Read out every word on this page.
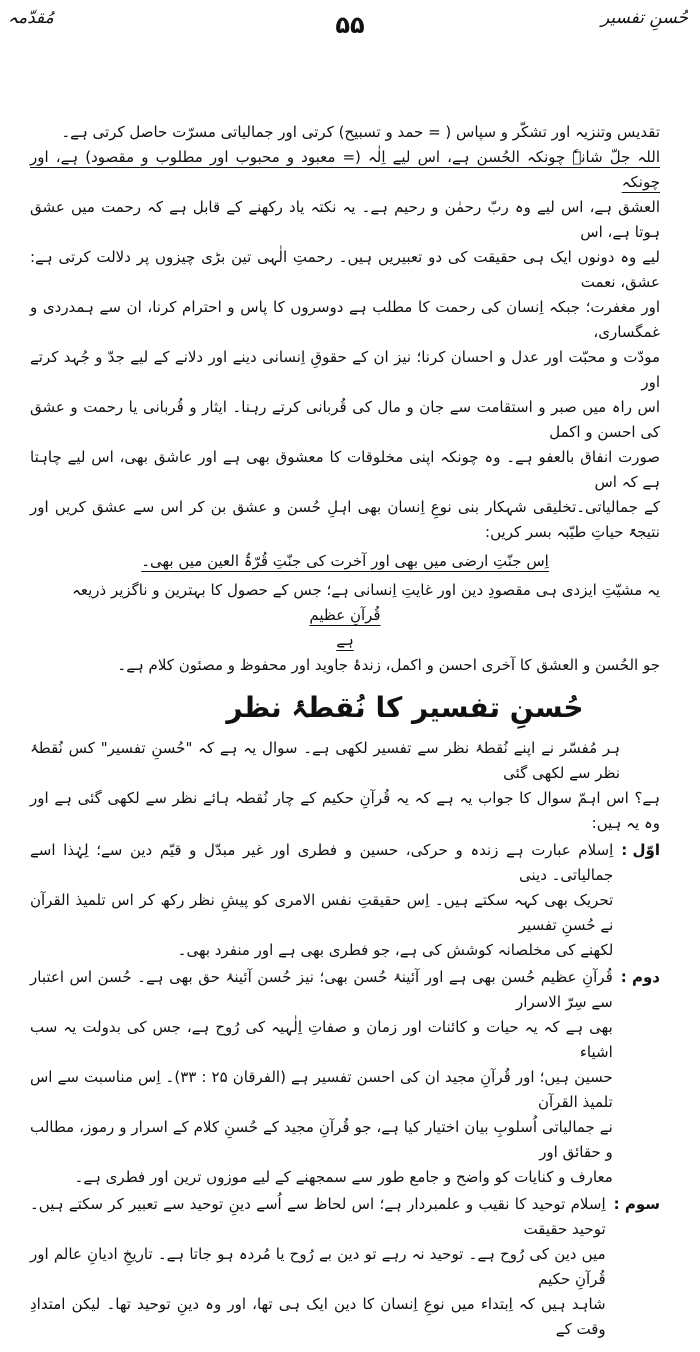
حُسنِ تفسیر
۵۵
مُقدّمہ
تقدیس وتنزیہ اور تشکّر و سپاس ( = حمد و تسبیح) کرتی اور جمالیاتی مسرّت حاصل کرتی ہے۔
اللہ جلّ شانہٗ چونکہ الحُسن ہے، اس لیے اِلٰہ (= معبود و محبوب اور مطلوب و مقصود) ہے، اور چونکہ
العشق ہے، اس لیے وہ ربّ رحمٰن و رحیم ہے۔ یہ نکتہ یاد رکھنے کے قابل ہے کہ رحمت میں عشق ہوتا ہے، اس
لیے وہ دونوں ایک ہی حقیقت کی دو تعبیریں ہیں۔ رحمتِ الٰہی تین بڑی چیزوں پر دلالت کرتی ہے: عشق، نعمت
اور مغفرت؛ جبکہ اِنسان کی رحمت کا مطلب ہے دوسروں کا پاس و احترام کرنا، ان سے ہمدردی و غمگساری،
مودّت و محبّت اور عدل و احسان کرنا؛ نیز ان کے حقوقِ اِنسانی دینے اور دلانے کے لیے جدّ و جُہد کرتے اور
اس راہ میں صبر و استقامت سے جان و مال کی قُربانی کرتے رہنا۔ ایثار و قُربانی یا رحمت و عشق کی احسن و اکمل
صورت انفاق بالعفو ہے۔ وہ چونکہ اپنی مخلوقات کا معشوق بھی ہے اور عاشق بھی، اس لیے چاہتا ہے کہ اس
کے جمالیاتی۔تخلیقی شہکار بنی نوعِ اِنسان بھی اہلِ حُسن و عشق بن کر اس سے عشق کریں اور نتیجۃً حیاتِ طیّبہ بسر کریں:
اِس جنّتِ ارضی میں بھی اور آخرت کی جنّتِ قُرّۃُ العین میں بھی۔
یہ مشیّتِ ایزدی ہی مقصودِ دین اور غایتِ اِنسانی ہے؛ جس کے حصول کا بہترین و ناگزیر ذریعہ
قُرآنِ عظیم
ہے
جو الحُسن و العشق کا آخری احسن و اکمل، زندۂ جاوید اور محفوظ و مصئون کلام ہے۔
حُسنِ تفسیر کا نُقطۂ نظر
ہر مُفسّر نے اپنے نُقطۂ نظر سے تفسیر لکھی ہے۔ سوال یہ ہے کہ "حُسنِ تفسیر" کس نُقطۂ نظر سے لکھی گئی
ہے؟ اس اہمّ سوال کا جواب یہ ہے کہ یہ قُرآنِ حکیم کے چار نُقطہ ہائے نظر سے لکھی گئی ہے اور وہ یہ ہیں:
اوّل :
اِسلام عبارت ہے زندہ و حرکی، حسین و فطری اور غیر مبدّل و قیّم دین سے؛ لِہٰذا اسے جمالیاتی۔ دینی
تحریک بھی کہہ سکتے ہیں۔ اِس حقیقتِ نفس الامری کو پیشِ نظر رکھ کر اس تلمیذ القرآن نے حُسنِ تفسیر
لکھنے کی مخلصانہ کوشش کی ہے، جو فطری بھی ہے اور منفرد بھی۔
دوم :
قُرآنِ عظیم حُسن بھی ہے اور آئینۂ حُسن بھی؛ نیز حُسن آئینۂ حق بھی ہے۔ حُسن اس اعتبار سے سِرّ الاسرار
بھی ہے کہ یہ حیات و کائنات اور زمان و صفاتِ اِلٰہیہ کی رُوح ہے، جس کی بدولت یہ سب اشیاء
حسین ہیں؛ اور قُرآنِ مجید ان کی احسن تفسیر ہے (الفرقان ۲۵ : ۳۳)۔ اِس مناسبت سے اس تلمیذ القرآن
نے جمالیاتی اُسلوبِ بیان اختیار کیا ہے، جو قُرآنِ مجید کے حُسنِ کلام کے اسرار و رموز، مطالب و حقائق اور
معارف و کنایات کو واضح و جامع طور سے سمجھنے کے لیے موزوں ترین اور فطری ہے۔
سوم :
اِسلام توحید کا نقیب و علمبردار ہے؛ اس لحاظ سے اُسے دینِ توحید سے تعبیر کر سکتے ہیں۔ توحید حقیقت
میں دین کی رُوح ہے۔ توحید نہ رہے تو دین بے رُوح یا مُردہ ہو جاتا ہے۔ تاریخِ ادیانِ عالم اور قُرآنِ حکیم
شاہد ہیں کہ اِبتداء میں نوعِ اِنسان کا دین ایک ہی تھا، اور وہ دینِ توحید تھا۔ لیکن امتدادِ وقت کے
